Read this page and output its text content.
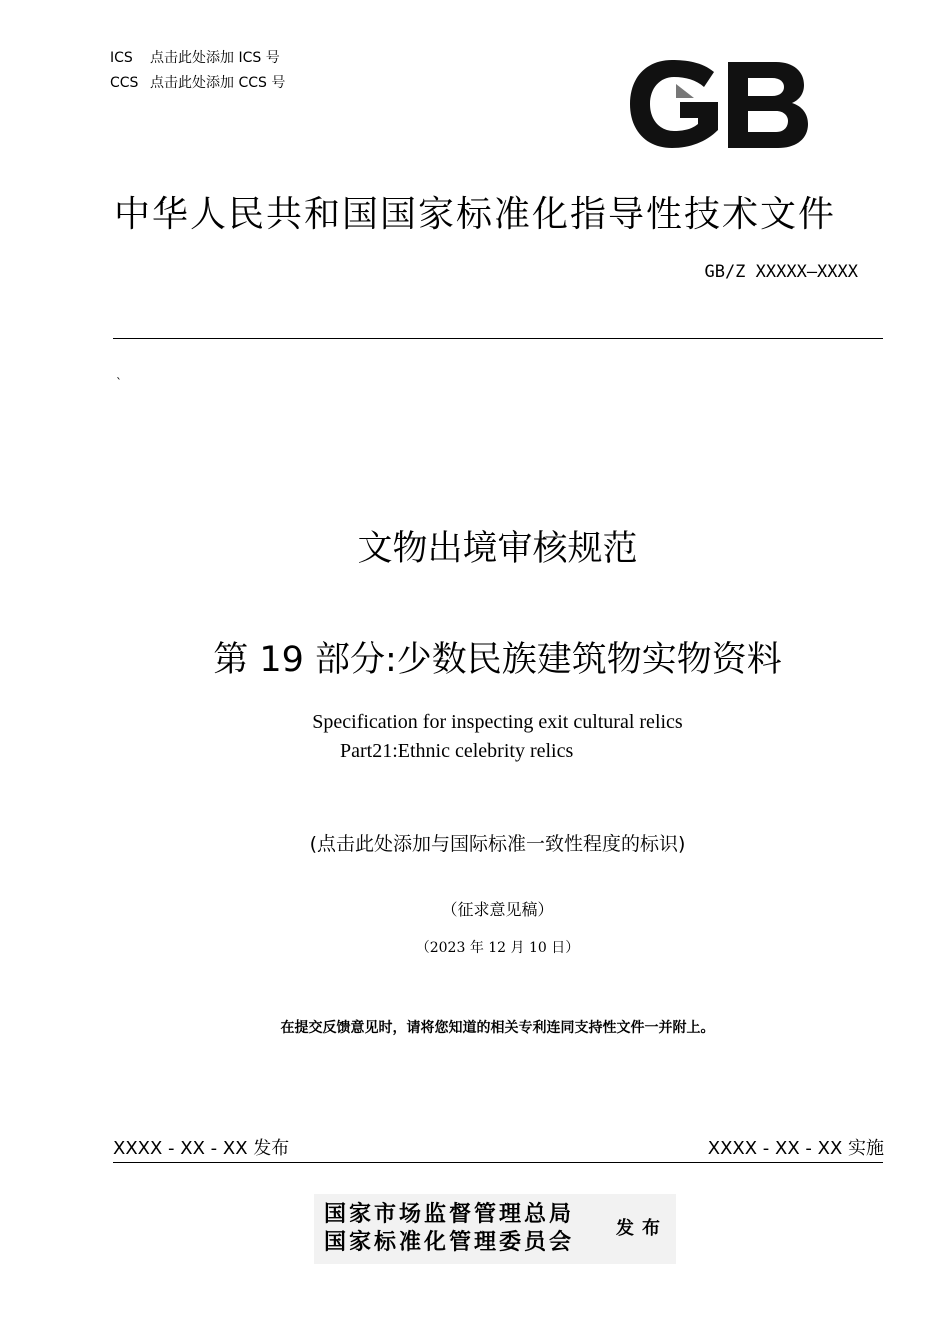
ICS 点击此处添加 ICS 号
CCS 点击此处添加 CCS 号
中华人民共和国国家标准化指导性技术文件
GB/Z XXXXX—XXXX
`
文物出境审核规范
第 19 部分:少数民族建筑物实物资料
Specification for inspecting exit cultural relics
Part21:Ethnic celebrity relics
(点击此处添加与国际标准一致性程度的标识)
（征求意见稿）
（2023 年 12 月 10 日）
在提交反馈意见时，请将您知道的相关专利连同支持性文件一并附上。
XXXX - XX - XX 发布	XXXX - XX - XX 实施
国家市场监督管理总局
国家标准化管理委员会
发布
